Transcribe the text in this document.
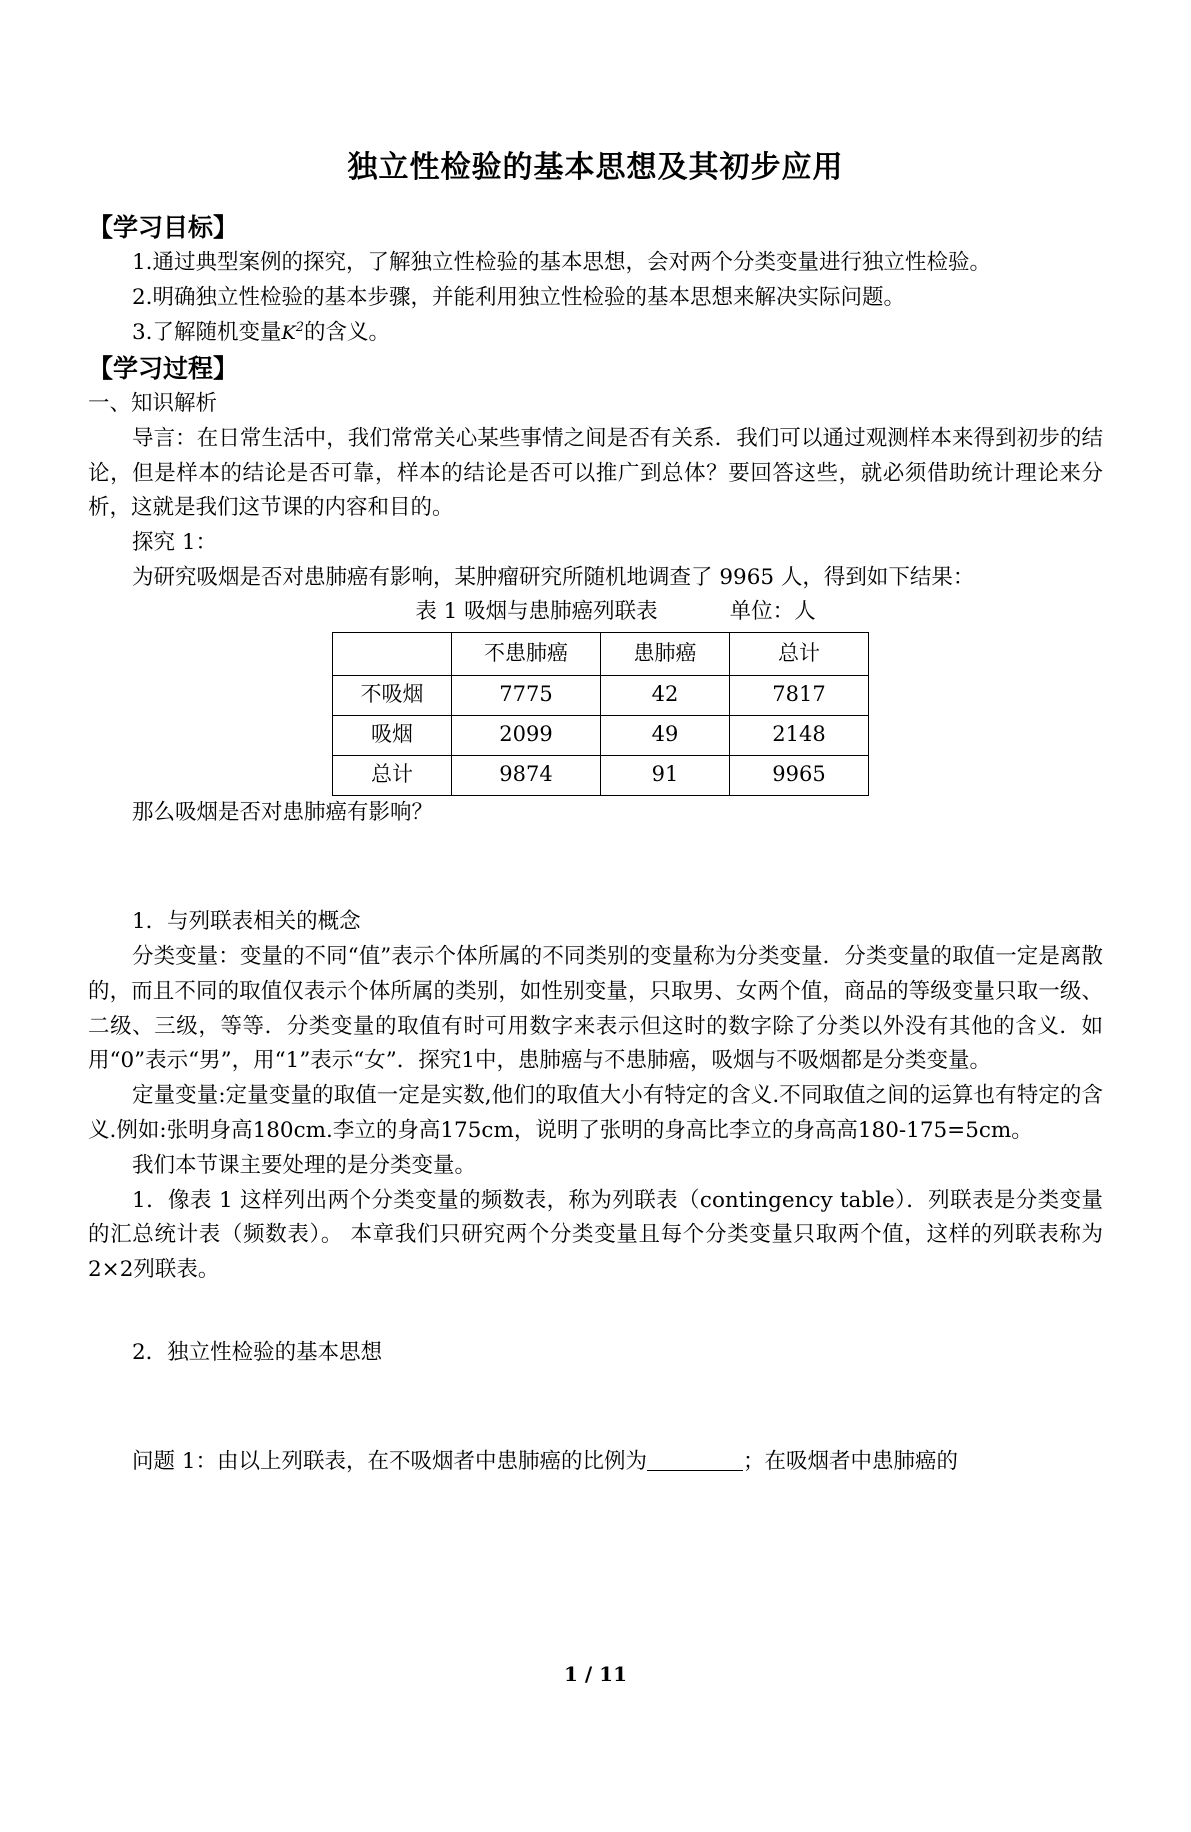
独立性检验的基本思想及其初步应用
【学习目标】

1.通过典型案例的探究，了解独立性检验的基本思想，会对两个分类变量进行独立性检验。

2.明确独立性检验的基本步骤，并能利用独立性检验的基本思想来解决实际问题。

3.了解随机变量$K^2$的含义。

【学习过程】

一、知识解析

导言：在日常生活中，我们常常关心某些事情之间是否有关系．我们可以通过观测样本来得到初步的结论，但是样本的结论是否可靠，样本的结论是否可以推广到总体？要回答这些，就必须借助统计理论来分析，这就是我们这节课的内容和目的。

探究 1：

为研究吸烟是否对患肺癌有影响，某肿瘤研究所随机地调查了 9965 人，得到如下结果：

表 1 吸烟与患肺癌列联表	单位：人
	不患肺癌	患肺癌	总计
不吸烟	7775	42	7817
吸烟	2099	49	2148
总计	9874	91	9965

那么吸烟是否对患肺癌有影响？

1．与列联表相关的概念

分类变量：变量的不同“值”表示个体所属的不同类别的变量称为分类变量．分类变量的取值一定是离散的，而且不同的取值仅表示个体所属的类别，如性别变量，只取男、女两个值，商品的等级变量只取一级、二级、三级，等等．分类变量的取值有时可用数字来表示但这时的数字除了分类以外没有其他的含义．如用“0”表示“男”，用“1”表示“女”．探究1中，患肺癌与不患肺癌，吸烟与不吸烟都是分类变量。

定量变量:定量变量的取值一定是实数,他们的取值大小有特定的含义.不同取值之间的运算也有特定的含义.例如:张明身高180cm.李立的身高175cm，说明了张明的身高比李立的身高高180-175=5cm。

我们本节课主要处理的是分类变量。

1．像表 1 这样列出两个分类变量的频数表，称为列联表（contingency table）．列联表是分类变量的汇总统计表（频数表）。 本章我们只研究两个分类变量且每个分类变量只取两个值，这样的列联表称为2×2列联表。

2．独立性检验的基本思想

问题 1：由以上列联表，在不吸烟者中患肺癌的比例为	；在吸烟者中患肺癌的

1 / 11
